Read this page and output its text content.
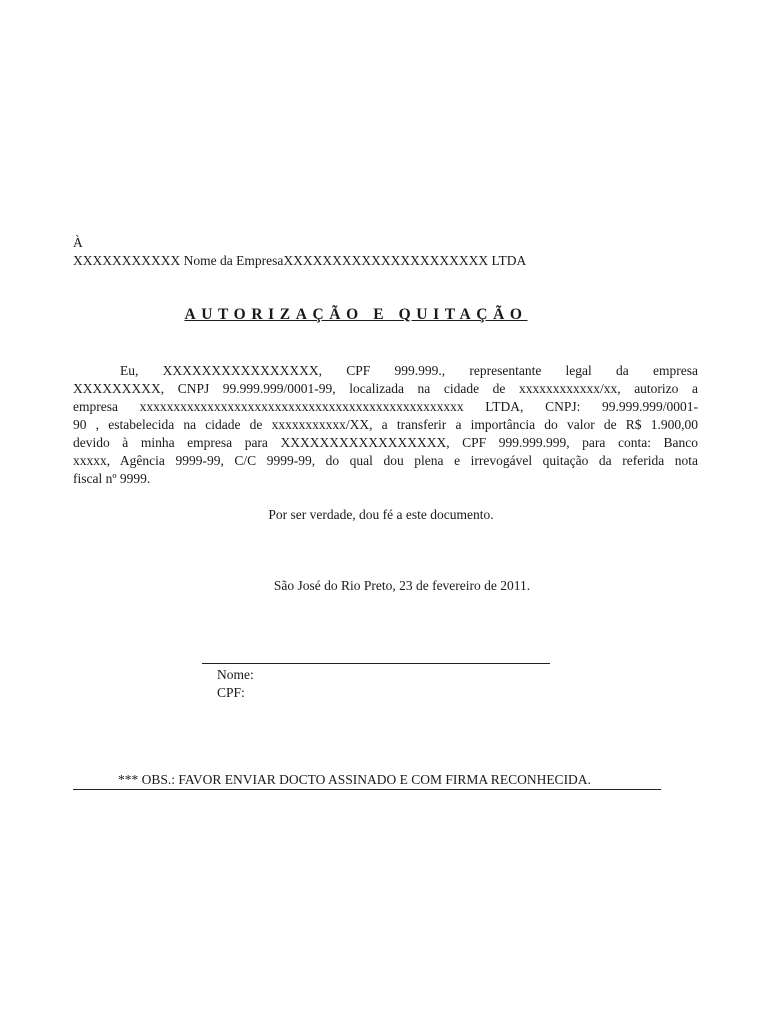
À
XXXXXXXXXXX Nome da EmpresaXXXXXXXXXXXXXXXXXXXXX LTDA
AUTORIZAÇÃO E QUITAÇÃO
Eu, XXXXXXXXXXXXXXXX, CPF 999.999., representante legal da empresa
XXXXXXXXX, CNPJ 99.999.999/0001-99, localizada na cidade de xxxxxxxxxxxx/xx, autorizo a
empresa xxxxxxxxxxxxxxxxxxxxxxxxxxxxxxxxxxxxxxxxxxxxxxxx LTDA, CNPJ: 99.999.999/0001-
90 , estabelecida na cidade de xxxxxxxxxxx/XX, a transferir a importância do valor de R$ 1.900,00
devido à minha empresa para XXXXXXXXXXXXXXXXX, CPF 999.999.999, para conta: Banco
xxxxx, Agência 9999-99, C/C 9999-99, do qual dou plena e irrevogável quitação da referida nota
fiscal nº 9999.
Por ser verdade, dou fé a este documento.
São José do Rio Preto, 23 de fevereiro de 2011.
Nome:
CPF:
*** OBS.: FAVOR ENVIAR DOCTO ASSINADO E COM FIRMA RECONHECIDA.
